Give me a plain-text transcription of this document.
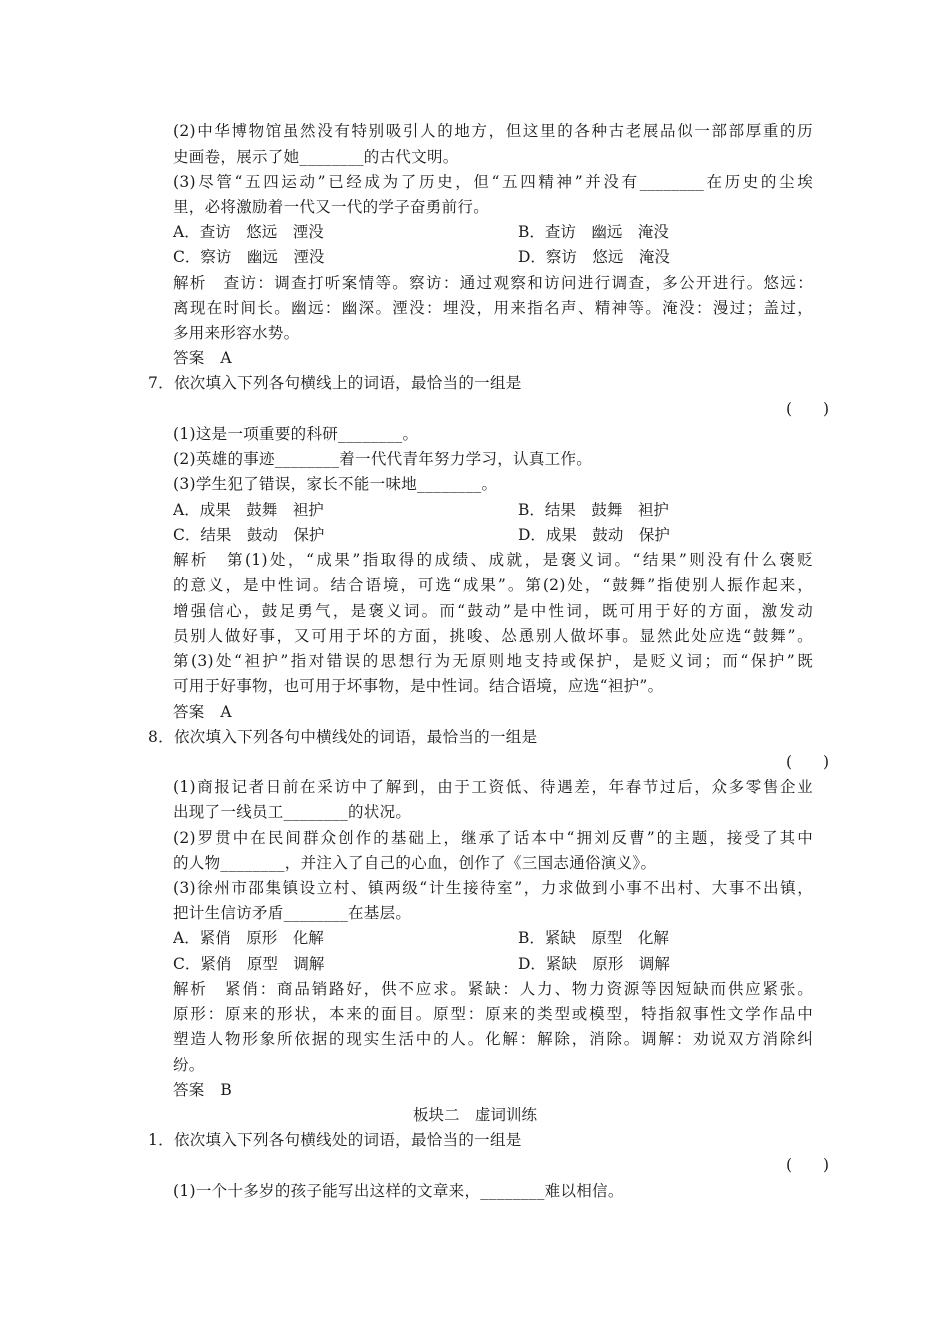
(2)中华博物馆虽然没有特别吸引人的地方，但这里的各种古老展品似一部部厚重的历
史画卷，展示了她________的古代文明。
(3)尽管“五四运动”已经成为了历史，但“五四精神”并没有________在历史的尘埃
里，必将激励着一代又一代的学子奋勇前行。
A．查访　悠远　湮没	B．查访　幽远　淹没
C．察访　幽远　湮没	D．察访　悠远　淹没
解析　查访：调查打听案情等。察访：通过观察和访问进行调查，多公开进行。悠远：
离现在时间长。幽远：幽深。湮没：埋没，用来指名声、精神等。淹没：漫过；盖过，
多用来形容水势。
答案　A
7．依次填入下列各句横线上的词语，最恰当的一组是
(　　)
(1)这是一项重要的科研________。
(2)英雄的事迹________着一代代青年努力学习，认真工作。
(3)学生犯了错误，家长不能一味地________。
A．成果　鼓舞　袒护	B．结果　鼓舞　袒护
C．结果　鼓动　保护	D．成果　鼓动　保护
解析　第(1)处，“成果”指取得的成绩、成就，是褒义词。“结果”则没有什么褒贬
的意义，是中性词。结合语境，可选“成果”。第(2)处，“鼓舞”指使别人振作起来，
增强信心，鼓足勇气，是褒义词。而“鼓动”是中性词，既可用于好的方面，激发动
员别人做好事，又可用于坏的方面，挑唆、怂恿别人做坏事。显然此处应选“鼓舞”。
第(3)处“袒护”指对错误的思想行为无原则地支持或保护，是贬义词；而“保护”既
可用于好事物，也可用于坏事物，是中性词。结合语境，应选“袒护”。
答案　A
8．依次填入下列各句中横线处的词语，最恰当的一组是
(　　)
(1)商报记者日前在采访中了解到，由于工资低、待遇差，年春节过后，众多零售企业
出现了一线员工________的状况。
(2)罗贯中在民间群众创作的基础上，继承了话本中“拥刘反曹”的主题，接受了其中
的人物________，并注入了自己的心血，创作了《三国志通俗演义》。
(3)徐州市邵集镇设立村、镇两级“计生接待室”，力求做到小事不出村、大事不出镇，
把计生信访矛盾________在基层。
A．紧俏　原形　化解	B．紧缺　原型　化解
C．紧俏　原型　调解	D．紧缺　原形　调解
解析　紧俏：商品销路好，供不应求。紧缺：人力、物力资源等因短缺而供应紧张。
原形：原来的形状，本来的面目。原型：原来的类型或模型，特指叙事性文学作品中
塑造人物形象所依据的现实生活中的人。化解：解除，消除。调解：劝说双方消除纠
纷。
答案　B
板块二　虚词训练
1．依次填入下列各句横线处的词语，最恰当的一组是
(　　)
(1)一个十多岁的孩子能写出这样的文章来，________难以相信。
